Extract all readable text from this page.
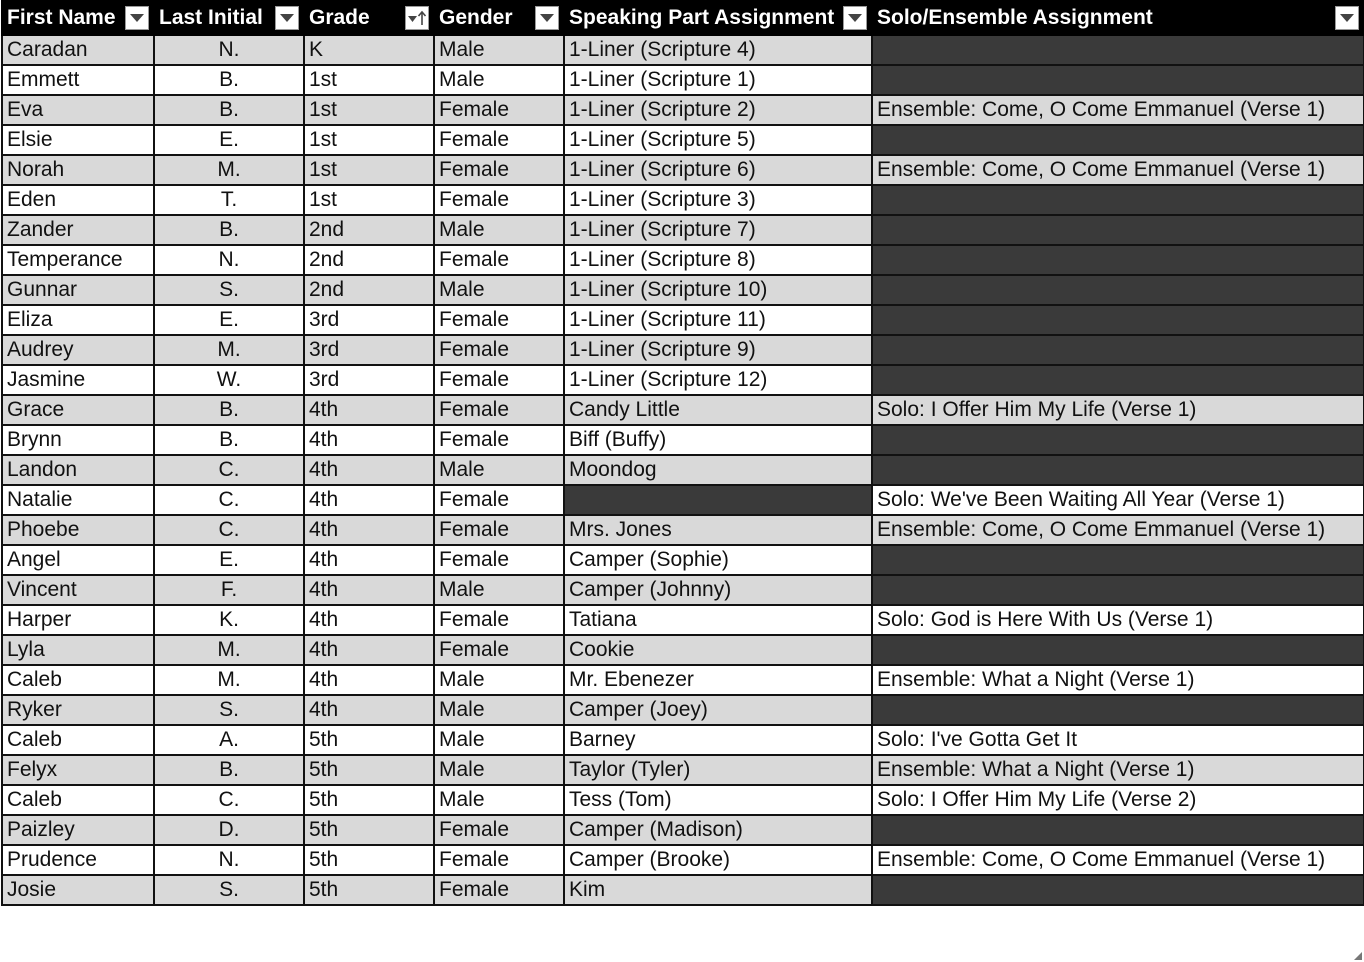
First Name	Last Initial	Grade	Gender	Speaking Part Assignment	Solo/Ensemble Assignment

Caradan	N.	K	Male	1-Liner (Scripture 4)	
Emmett	B.	1st	Male	1-Liner (Scripture 1)	
Eva	B.	1st	Female	1-Liner (Scripture 2)	Ensemble: Come, O Come Emmanuel (Verse 1)
Elsie	E.	1st	Female	1-Liner (Scripture 5)	
Norah	M.	1st	Female	1-Liner (Scripture 6)	Ensemble: Come, O Come Emmanuel (Verse 1)
Eden	T.	1st	Female	1-Liner (Scripture 3)	
Zander	B.	2nd	Male	1-Liner (Scripture 7)	
Temperance	N.	2nd	Female	1-Liner (Scripture 8)	
Gunnar	S.	2nd	Male	1-Liner (Scripture 10)	
Eliza	E.	3rd	Female	1-Liner (Scripture 11)	
Audrey	M.	3rd	Female	1-Liner (Scripture 9)	
Jasmine	W.	3rd	Female	1-Liner (Scripture 12)	
Grace	B.	4th	Female	Candy Little	Solo: I Offer Him My Life (Verse 1)
Brynn	B.	4th	Female	Biff (Buffy)	
Landon	C.	4th	Male	Moondog	
Natalie	C.	4th	Female		Solo: We've Been Waiting All Year (Verse 1)
Phoebe	C.	4th	Female	Mrs. Jones	Ensemble: Come, O Come Emmanuel (Verse 1)
Angel	E.	4th	Female	Camper (Sophie)	
Vincent	F.	4th	Male	Camper (Johnny)	
Harper	K.	4th	Female	Tatiana	Solo: God is Here With Us (Verse 1)
Lyla	M.	4th	Female	Cookie	
Caleb	M.	4th	Male	Mr. Ebenezer	Ensemble: What a Night (Verse 1)
Ryker	S.	4th	Male	Camper (Joey)	
Caleb	A.	5th	Male	Barney	Solo: I've Gotta Get It
Felyx	B.	5th	Male	Taylor (Tyler)	Ensemble: What a Night (Verse 1)
Caleb	C.	5th	Male	Tess (Tom)	Solo: I Offer Him My Life (Verse 2)
Paizley	D.	5th	Female	Camper (Madison)	
Prudence	N.	5th	Female	Camper (Brooke)	Ensemble: Come, O Come Emmanuel (Verse 1)
Josie	S.	5th	Female	Kim	
